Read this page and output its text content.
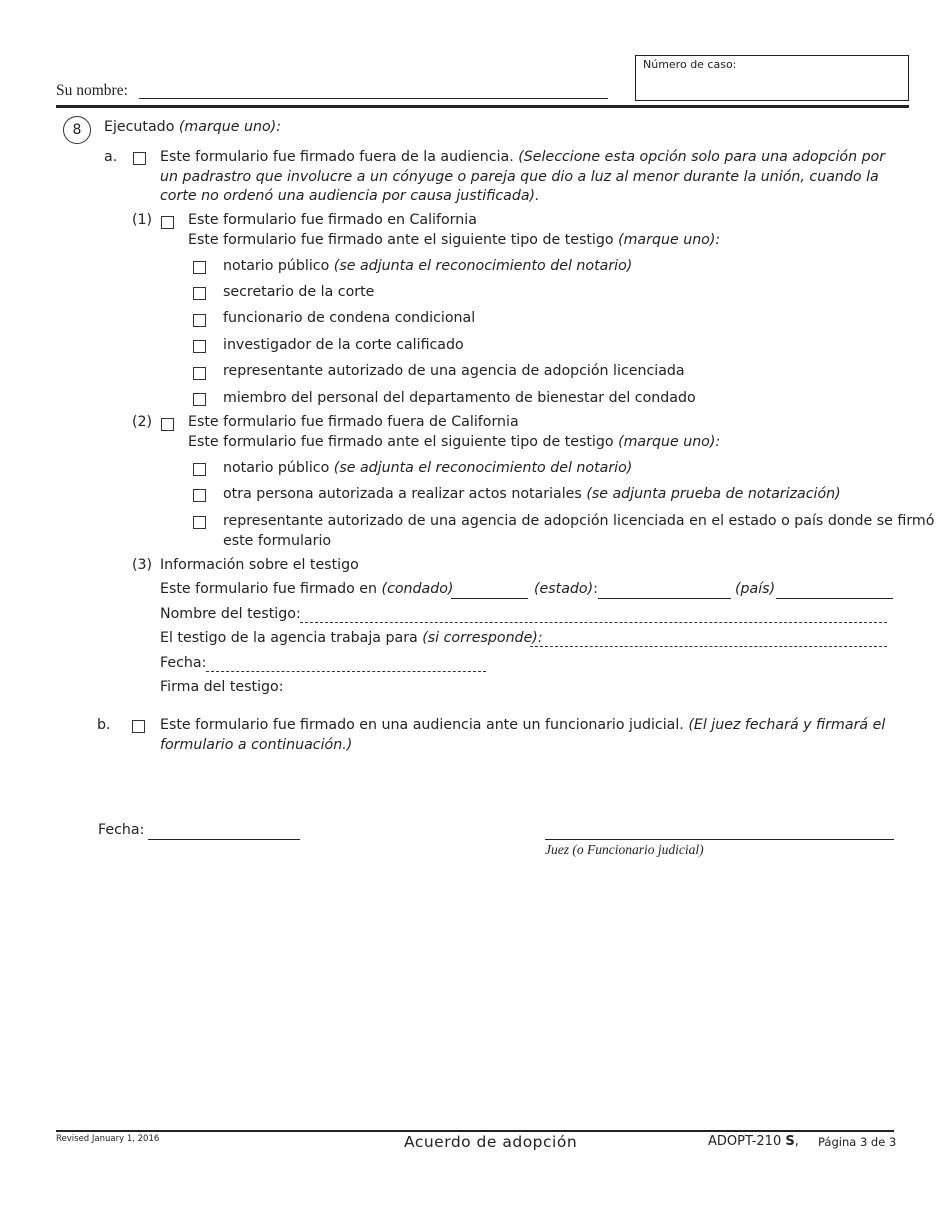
Su nombre:
Número de caso:
8	Ejecutado (marque uno):
a.	Este formulario fue firmado fuera de la audiencia. (Seleccione esta opción solo para una adopción por
un padrastro que involucre a un cónyuge o pareja que dio a luz al menor durante la unión, cuando la
corte no ordenó una audiencia por causa justificada).
(1)	Este formulario fue firmado en California
Este formulario fue firmado ante el siguiente tipo de testigo (marque uno):
notario público (se adjunta el reconocimiento del notario)
secretario de la corte
funcionario de condena condicional
investigador de la corte calificado
representante autorizado de una agencia de adopción licenciada
miembro del personal del departamento de bienestar del condado
(2)	Este formulario fue firmado fuera de California
Este formulario fue firmado ante el siguiente tipo de testigo (marque uno):
notario público (se adjunta el reconocimiento del notario)
otra persona autorizada a realizar actos notariales (se adjunta prueba de notarización)
representante autorizado de una agencia de adopción licenciada en el estado o país donde se firmó
este formulario
(3) Información sobre el testigo
Este formulario fue firmado en (condado)	(estado):	(país)
Nombre del testigo:
El testigo de la agencia trabaja para (si corresponde):
Fecha:
Firma del testigo:
b.	Este formulario fue firmado en una audiencia ante un funcionario judicial. (El juez fechará y firmará el
formulario a continuación.)
Fecha:
Juez (o Funcionario judicial)
Revised January 1, 2016	Acuerdo de adopción	ADOPT-210 S, Página 3 de 3
